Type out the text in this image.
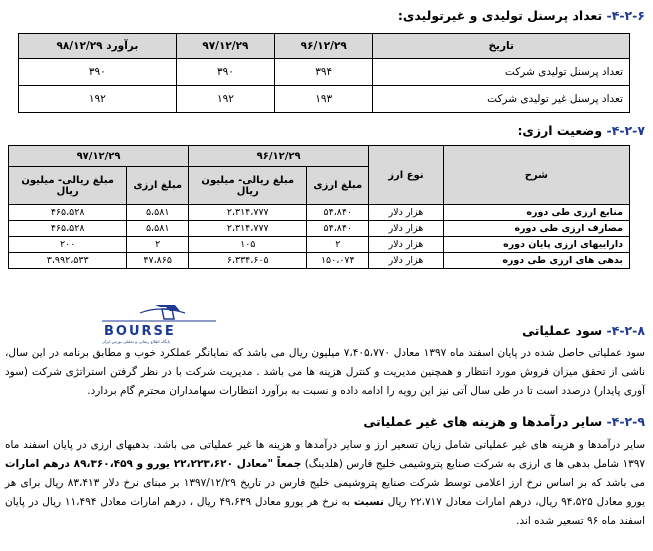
۴-۲-۶- تعداد پرسنل تولیدی و غیرتولیدی:
تاریخ	۹۶/۱۲/۲۹	۹۷/۱۲/۲۹	برآورد ۹۸/۱۲/۲۹
تعداد پرسنل تولیدی شرکت	۳۹۴	۳۹۰	۳۹۰
تعداد پرسنل غیر تولیدی شرکت	۱۹۳	۱۹۲	۱۹۲
۴-۲-۷- وضعیت ارزی:
شرح	نوع ارز	۹۶/۱۲/۲۹		۹۷/۱۲/۲۹	
		مبلغ ارزی	مبلغ ریالی- میلیون ریال	مبلغ ارزی	مبلغ ریالی- میلیون ریال
منابع ارزی طی دوره	هزار دلار	۵۴،۸۴۰	۲،۳۱۴،۷۷۷	۵،۵۸۱	۴۶۵،۵۲۸
مصارف ارزی طی دوره	هزار دلار	۵۴،۸۴۰	۲،۳۱۴،۷۷۷	۵،۵۸۱	۴۶۵،۵۲۸
داراییهای ارزی پایان دوره	هزار دلار	۲	۱۰۵	۲	۲۰۰
بدهی های ارزی طی دوره	هزار دلار	۱۵۰،۰۷۴	۶،۳۳۴،۶۰۵	۴۷،۸۶۵	۳،۹۹۲،۵۳۳
BOURSE
پایگاه اطلاع رسانی و تحلیلی بورس ایران
۴-۲-۸- سود عملیاتی
سود عملیاتی حاصل شده در پایان اسفند ماه ۱۳۹۷ معادل ۷،۴۰۵،۷۷۰ میلیون ریال می باشد که نمایانگر عملکرد خوب و مطابق برنامه در این سال، ناشی از تحقق میزان فروش مورد انتظار و همچنین مدیریت و کنترل هزینه ها می باشد . مدیریت شرکت با در نظر گرفتن استراتژی شرکت (سود آوری پایدار) درصدد است تا در طی سال آتی نیز این رویه را ادامه داده و نسبت به برآورد انتظارات سهامداران محترم گام بردارد.
۴-۲-۹- سایر درآمدها و هزینه های غیر عملیاتی
سایر درآمدها و هزینه های غیر عملیاتی شامل زیان تسعیر ارز و سایر درآمدها و هزینه ها غیر عملیاتی می باشد. بدهیهای ارزی در پایان اسفند ماه ۱۳۹۷ شامل بدهی ها ی ارزی به شرکت صنایع پتروشیمی خلیج فارس (هلدینگ) جمعاً "معادل ۲۲،۲۲۳،۶۲۰ یورو و ۸۹،۳۶۰،۴۵۹ درهم امارات می باشد که بر اساس نرخ ارز اعلامی توسط شرکت صنایع پتروشیمی خلیج فارس در تاریخ ۱۳۹۷/۱۲/۲۹ بر مبنای نرخ دلار ۸۳،۴۱۳ ریال برای هر یورو معادل ۹۴،۵۲۵ ریال، درهم امارات معادل ۲۲،۷۱۷ ریال نسبت به نرخ هر یورو معادل ۴۹،۶۳۹ ریال ، درهم امارات معادل ۱۱،۴۹۴ ریال در پایان اسفند ماه ۹۶ تسعیر شده اند.
